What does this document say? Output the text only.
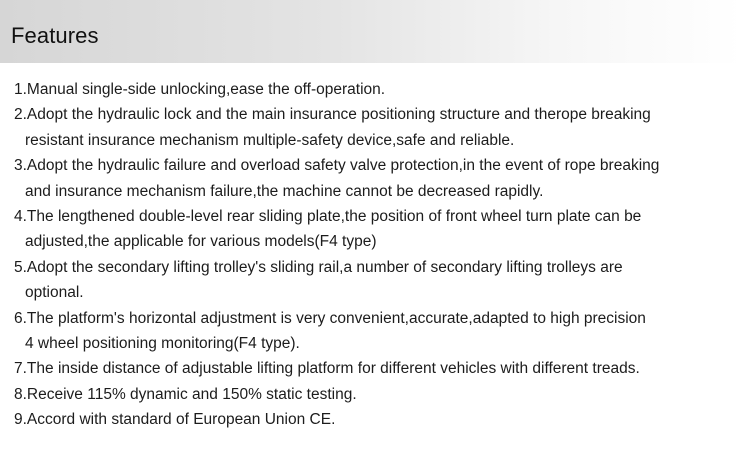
Features
1.Manual single-side unlocking,ease the off-operation.
2.Adopt the hydraulic lock and the main insurance positioning structure and therope breaking
resistant insurance mechanism multiple-safety device,safe and reliable.
3.Adopt the hydraulic failure and overload safety valve protection,in the event of rope breaking
and insurance mechanism failure,the machine cannot be decreased rapidly.
4.The lengthened double-level rear sliding plate,the position of front wheel turn plate can be
adjusted,the applicable for various models(F4 type)
5.Adopt the secondary lifting trolley's sliding rail,a number of secondary lifting trolleys are
optional.
6.The platform's horizontal adjustment is very convenient,accurate,adapted to high precision
4 wheel positioning monitoring(F4 type).
7.The inside distance of adjustable lifting platform for different vehicles with different treads.
8.Receive 115% dynamic and 150% static testing.
9.Accord with standard of European Union CE.
